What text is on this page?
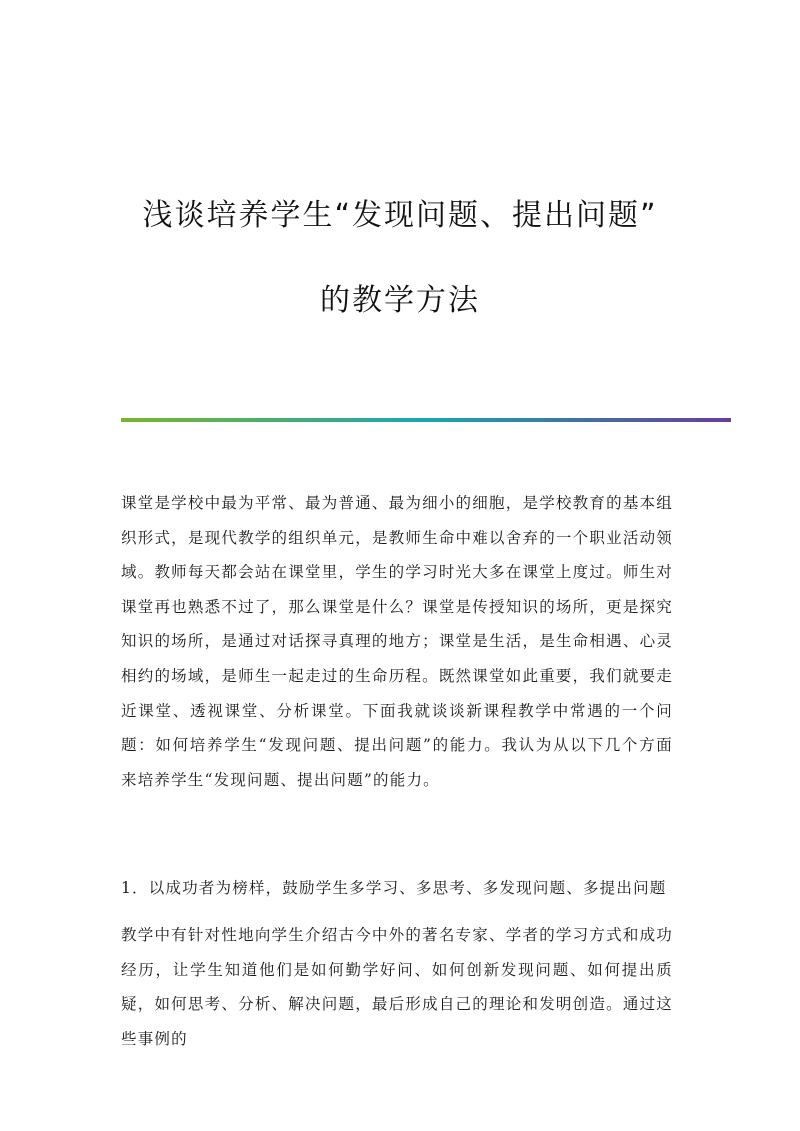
浅谈培养学生“发现问题、提出问题”
的教学方法

课堂是学校中最为平常、最为普通、最为细小的细胞，是学校教育的基本组织形式，是现代教学的组织单元，是教师生命中难以舍弃的一个职业活动领域。教师每天都会站在课堂里，学生的学习时光大多在课堂上度过。师生对课堂再也熟悉不过了，那么课堂是什么？课堂是传授知识的场所，更是探究知识的场所，是通过对话探寻真理的地方；课堂是生活，是生命相遇、心灵相约的场域，是师生一起走过的生命历程。既然课堂如此重要，我们就要走近课堂、透视课堂、分析课堂。下面我就谈谈新课程教学中常遇的一个问题：如何培养学生“发现问题、提出问题”的能力。我认为从以下几个方面来培养学生“发现问题、提出问题”的能力。

1．以成功者为榜样，鼓励学生多学习、多思考、多发现问题、多提出问题

教学中有针对性地向学生介绍古今中外的著名专家、学者的学习方式和成功经历，让学生知道他们是如何勤学好问、如何创新发现问题、如何提出质疑，如何思考、分析、解决问题，最后形成自己的理论和发明创造。通过这些事例的
